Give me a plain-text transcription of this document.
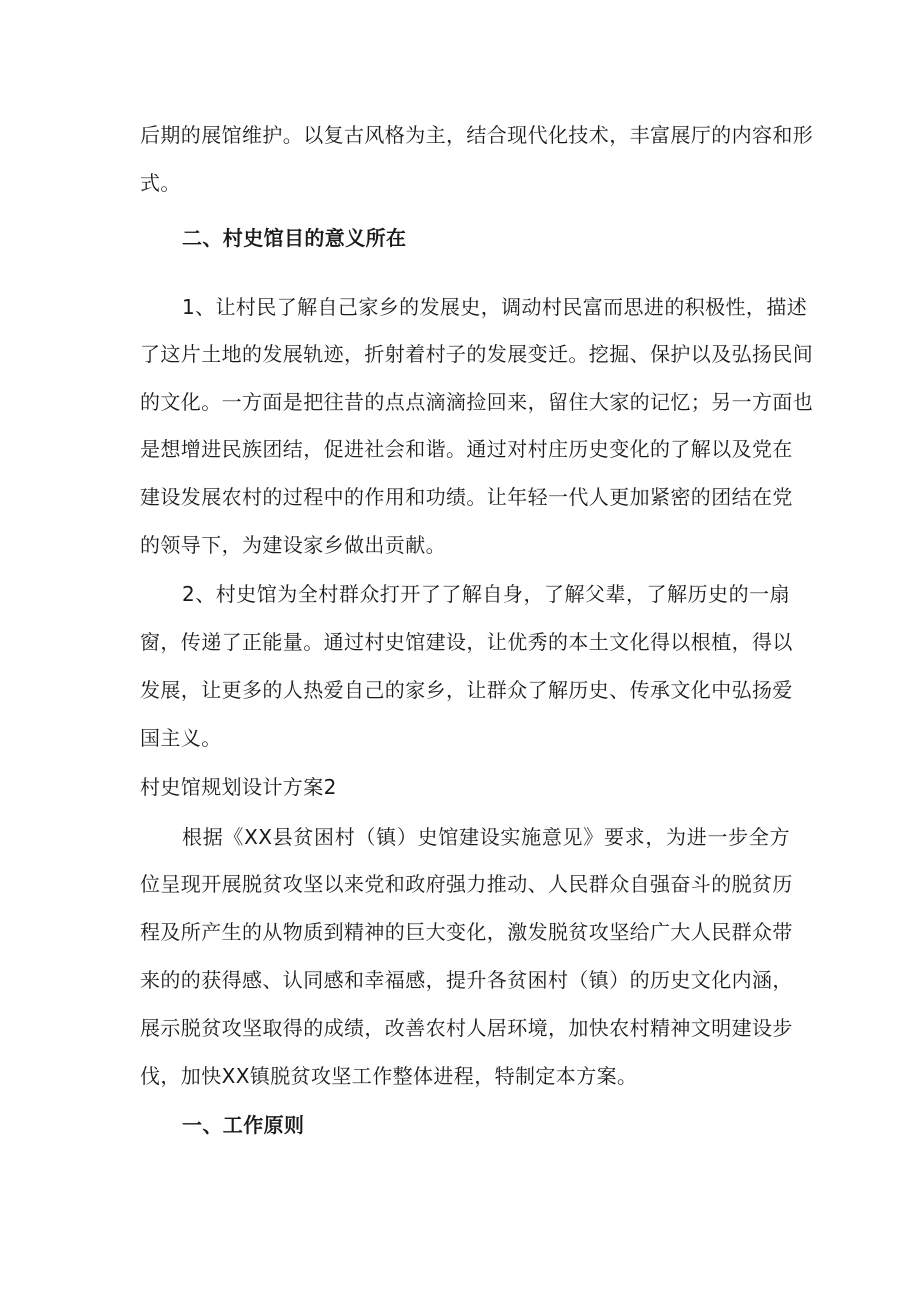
后期的展馆维护。以复古风格为主，结合现代化技术，丰富展厅的内容和形
式。
二、村史馆目的意义所在
1、让村民了解自己家乡的发展史，调动村民富而思进的积极性，描述
了这片土地的发展轨迹，折射着村子的发展变迁。挖掘、保护以及弘扬民间
的文化。一方面是把往昔的点点滴滴捡回来，留住大家的记忆；另一方面也
是想增进民族团结，促进社会和谐。通过对村庄历史变化的了解以及党在
建设发展农村的过程中的作用和功绩。让年轻一代人更加紧密的团结在党
的领导下，为建设家乡做出贡献。
2、村史馆为全村群众打开了了解自身，了解父辈，了解历史的一扇
窗，传递了正能量。通过村史馆建设，让优秀的本土文化得以根植，得以
发展，让更多的人热爱自己的家乡，让群众了解历史、传承文化中弘扬爱
国主义。
村史馆规划设计方案2
根据《XX县贫困村（镇）史馆建设实施意见》要求，为进一步全方
位呈现开展脱贫攻坚以来党和政府强力推动、人民群众自强奋斗的脱贫历
程及所产生的从物质到精神的巨大变化，激发脱贫攻坚给广大人民群众带
来的的获得感、认同感和幸福感，提升各贫困村（镇）的历史文化内涵，
展示脱贫攻坚取得的成绩，改善农村人居环境，加快农村精神文明建设步
伐，加快XX镇脱贫攻坚工作整体进程，特制定本方案。
一、工作原则
